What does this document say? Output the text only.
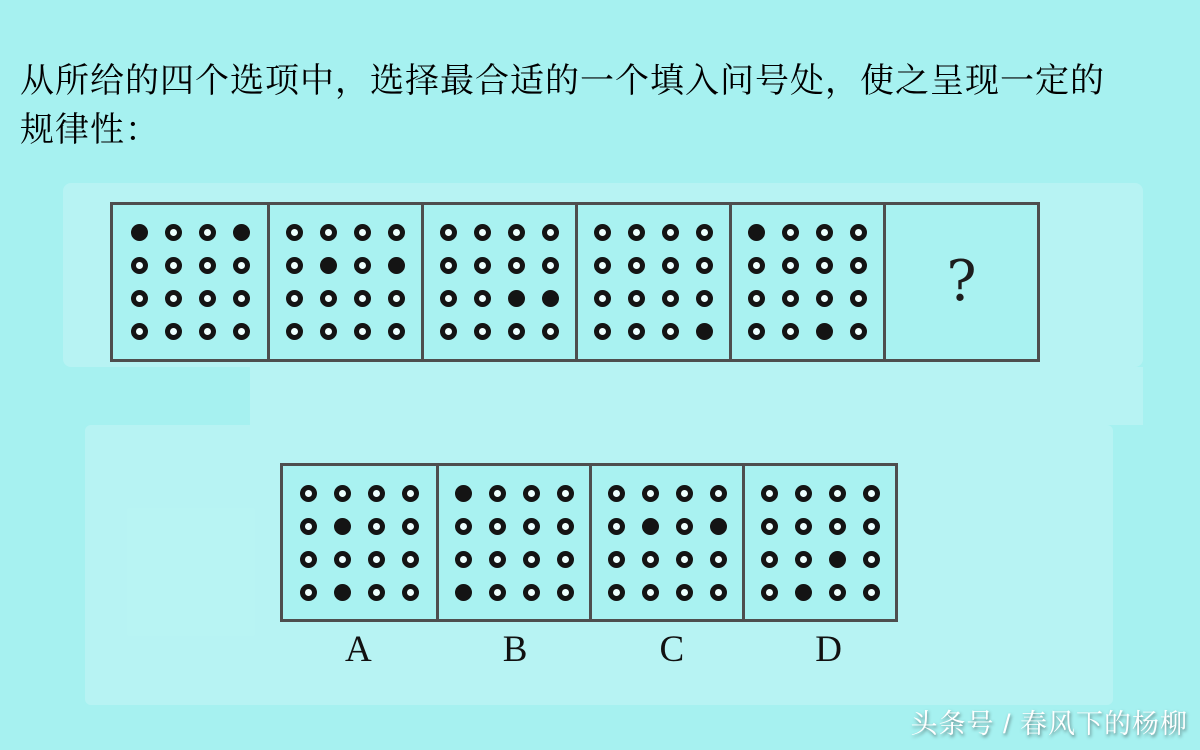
从所给的四个选项中，选择最合适的一个填入问号处，使之呈现一定的
规律性：
?
A	B	C	D
头条号 / 春风下的杨柳
